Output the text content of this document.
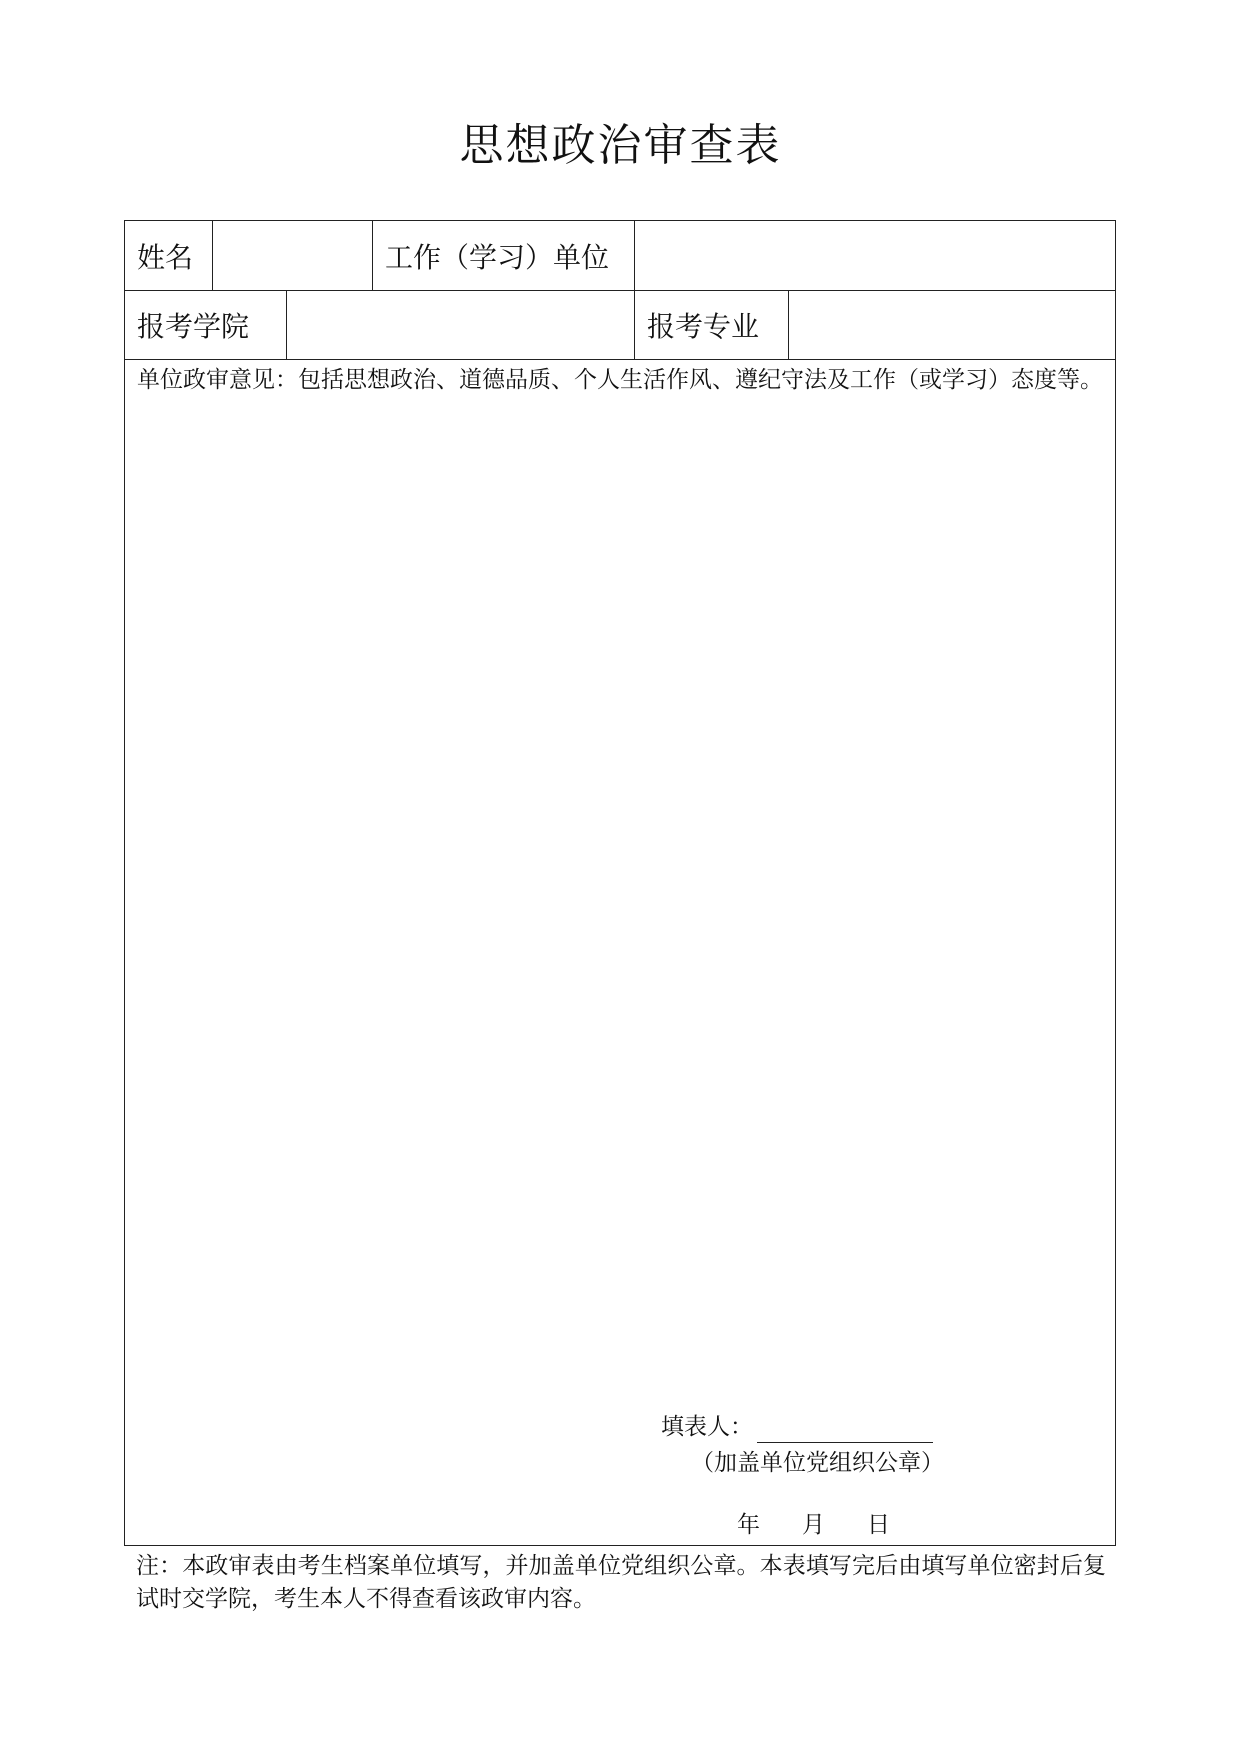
思想政治审查表
姓名	工作（学习）单位
报考学院	报考专业
单位政审意见：包括思想政治、道德品质、个人生活作风、遵纪守法及工作（或学习）态度等。
填表人：
（加盖单位党组织公章）
年 月 日
注：本政审表由考生档案单位填写，并加盖单位党组织公章。本表填写完后由填写单位密封后复试时交学院，考生本人不得查看该政审内容。
